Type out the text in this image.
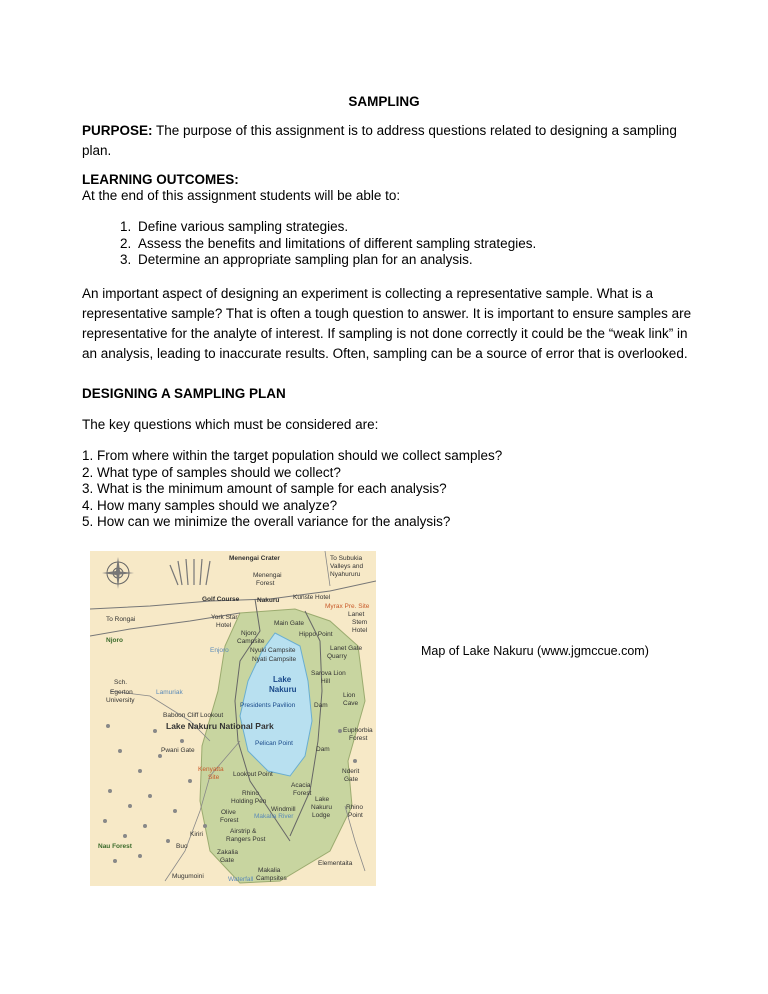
SAMPLING
PURPOSE: The purpose of this assignment is to address questions related to designing a sampling plan.
LEARNING OUTCOMES:
At the end of this assignment students will be able to:
1. Define various sampling strategies.
2. Assess the benefits and limitations of different sampling strategies.
3. Determine an appropriate sampling plan for an analysis.
An important aspect of designing an experiment is collecting a representative sample. What is a representative sample? That is often a tough question to answer. It is important to ensure samples are representative for the analyte of interest. If sampling is not done correctly it could be the “weak link” in an analysis, leading to inaccurate results. Often, sampling can be a source of error that is overlooked.
DESIGNING A SAMPLING PLAN
The key questions which must be considered are:
1. From where within the target population should we collect samples?
2. What type of samples should we collect?
3. What is the minimum amount of sample for each analysis?
4. How many samples should we analyze?
5. How can we minimize the overall variance for the analysis?
Menengai Crater	To Subukia
Valleys and
Nyahururu
Menengai
Forest
Golf Course	Nakuru Kunste Hotel
Myrax Pre. Site
To Rongai	York Star
Hotel
Lanet
Stem
Hotel
Main Gate
Njoro
Njoro
Campsite
Hippo Point
Enjoro	Nyuki Campsite	Lanet Gate
Nyati Campsite	Quarry
Lake
Nakuru
Sch.
Egerton
University
Lamuriak
Sarova Lion
Hill
Presidents Pavilion	Dam
Lion
Cave
Baboon Cliff Lookout
Lake Nakuru National Park	Euphorbia
Forest
Pelican Point
Dam
Pwani Gate
Kenyatta
Site Lookout Point	Nderit
Gate
Acacia
Forest
Rhino
Holding Pen	Lake
Nakuru
Windmill
Olive
Forest
Makalia River	Lodge
Rhino
Point
Kiriri	Airstrip &
Rangers Post
Nau Forest	Buo
Zakalia
Gate	Elementaita
Makalia
Campsites
Mugumoini	Waterfall
Map of Lake Nakuru (www.jgmccue.com)
